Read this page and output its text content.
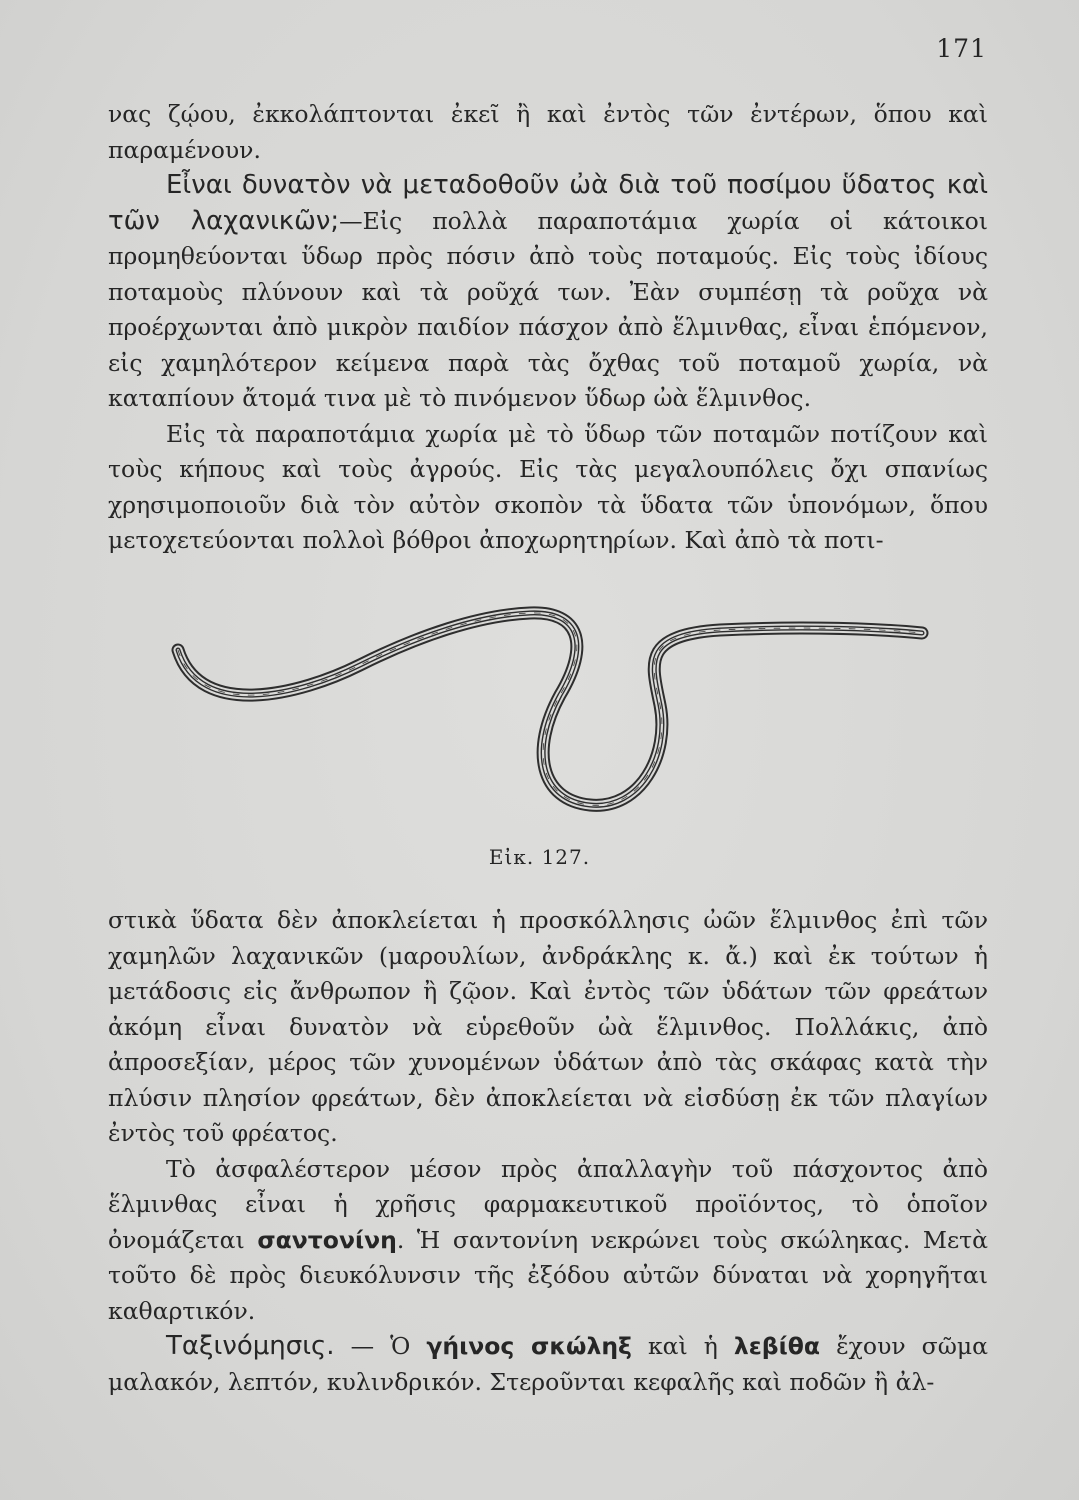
171

νας ζῴου, ἐκκολάπτονται ἐκεῖ ἢ καὶ ἐντὸς τῶν ἐντέρων, ὅπου καὶ παραμένουν.

Εἶναι δυνατὸν νὰ μεταδοθοῦν ὠὰ διὰ τοῦ ποσίμου ὕδατος καὶ τῶν λαχανικῶν;—Εἰς πολλὰ παραποτάμια χωρία οἱ κάτοικοι προμηθεύονται ὕδωρ πρὸς πόσιν ἀπὸ τοὺς ποταμούς. Εἰς τοὺς ἰδίους ποταμοὺς πλύνουν καὶ τὰ ροῦχά των. Ἐὰν συμπέσῃ τὰ ροῦχα νὰ προέρχωνται ἀπὸ μικρὸν παιδίον πάσχον ἀπὸ ἕλμινθας, εἶναι ἑπόμενον, εἰς χαμηλότερον κείμενα παρὰ τὰς ὄχθας τοῦ ποταμοῦ χωρία, νὰ καταπίουν ἄτομά τινα μὲ τὸ πινόμενον ὕδωρ ὠὰ ἕλμινθος.

Εἰς τὰ παραποτάμια χωρία μὲ τὸ ὕδωρ τῶν ποταμῶν ποτίζουν καὶ τοὺς κήπους καὶ τοὺς ἀγρούς. Εἰς τὰς μεγαλουπόλεις ὄχι σπανίως χρησιμοποιοῦν διὰ τὸν αὐτὸν σκοπὸν τὰ ὕδατα τῶν ὑπονόμων, ὅπου μετοχετεύονται πολλοὶ βόθροι ἀποχωρητηρίων. Καὶ ἀπὸ τὰ ποτι-

Εἰκ. 127.

στικὰ ὕδατα δὲν ἀποκλείεται ἡ προσκόλλησις ὠῶν ἕλμινθος ἐπὶ τῶν χαμηλῶν λαχανικῶν (μαρουλίων, ἀνδράκλης κ. ἄ.) καὶ ἐκ τούτων ἡ μετάδοσις εἰς ἄνθρωπον ἢ ζῷον. Καὶ ἐντὸς τῶν ὑδάτων τῶν φρεάτων ἀκόμη εἶναι δυνατὸν νὰ εὑρεθοῦν ὠὰ ἕλμινθος. Πολλάκις, ἀπὸ ἀπροσεξίαν, μέρος τῶν χυνομένων ὑδάτων ἀπὸ τὰς σκάφας κατὰ τὴν πλύσιν πλησίον φρεάτων, δὲν ἀποκλείεται νὰ εἰσδύσῃ ἐκ τῶν πλαγίων ἐντὸς τοῦ φρέατος.

Τὸ ἀσφαλέστερον μέσον πρὸς ἀπαλλαγὴν τοῦ πάσχοντος ἀπὸ ἕλμινθας εἶναι ἡ χρῆσις φαρμακευτικοῦ προϊόντος, τὸ ὁποῖον ὀνομάζεται σαντονίνη. Ἡ σαντονίνη νεκρώνει τοὺς σκώληκας. Μετὰ τοῦτο δὲ πρὸς διευκόλυνσιν τῆς ἐξόδου αὐτῶν δύναται νὰ χορηγῆται καθαρτικόν.

Ταξινόμησις. — Ὁ γήινος σκώληξ καὶ ἡ λεβίθα ἔχουν σῶμα μαλακόν, λεπτόν, κυλινδρικόν. Στεροῦνται κεφαλῆς καὶ ποδῶν ἢ ἀλ-
